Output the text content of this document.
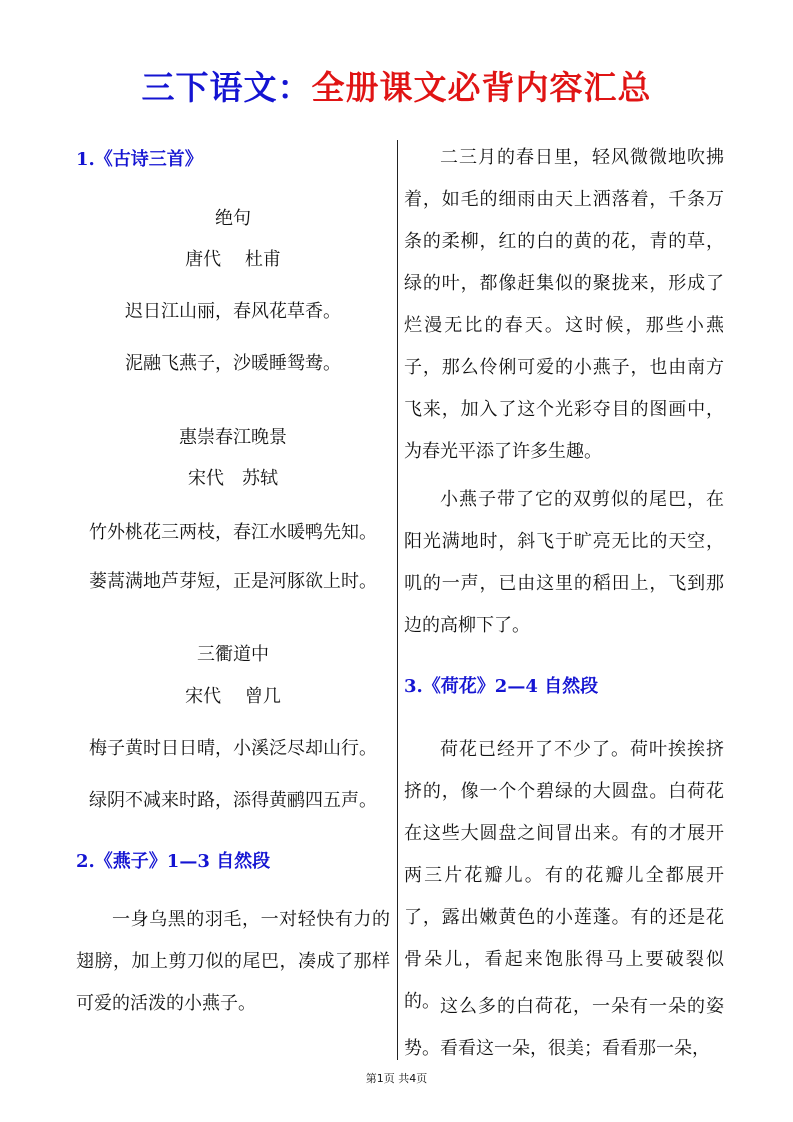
三下语文：全册课文必背内容汇总
1.《古诗三首》
绝句
唐代　 杜甫
迟日江山丽，春风花草香。
泥融飞燕子，沙暖睡鸳鸯。
惠崇春江晚景
宋代　苏轼
竹外桃花三两枝，春江水暖鸭先知。
蒌蒿满地芦芽短，正是河豚欲上时。
三衢道中
宋代　 曾几
梅子黄时日日晴，小溪泛尽却山行。
绿阴不减来时路，添得黄鹂四五声。
2.《燕子》1—3 自然段
一身乌黑的羽毛，一对轻快有力的翅膀，加上剪刀似的尾巴，凑成了那样可爱的活泼的小燕子。
二三月的春日里，轻风微微地吹拂着，如毛的细雨由天上洒落着，千条万条的柔柳，红的白的黄的花，青的草，绿的叶，都像赶集似的聚拢来，形成了烂漫无比的春天。这时候，那些小燕子，那么伶俐可爱的小燕子，也由南方飞来，加入了这个光彩夺目的图画中，为春光平添了许多生趣。
小燕子带了它的双剪似的尾巴，在阳光满地时，斜飞于旷亮无比的天空，叽的一声，已由这里的稻田上，飞到那边的高柳下了。
3.《荷花》2—4 自然段
荷花已经开了不少了。荷叶挨挨挤挤的，像一个个碧绿的大圆盘。白荷花在这些大圆盘之间冒出来。有的才展开两三片花瓣儿。有的花瓣儿全都展开了，露出嫩黄色的小莲蓬。有的还是花骨朵儿，看起来饱胀得马上要破裂似的。 这么多的白荷花，一朵有一朵的姿势。看看这一朵，很美；看看那一朵，
第1页 共4页
